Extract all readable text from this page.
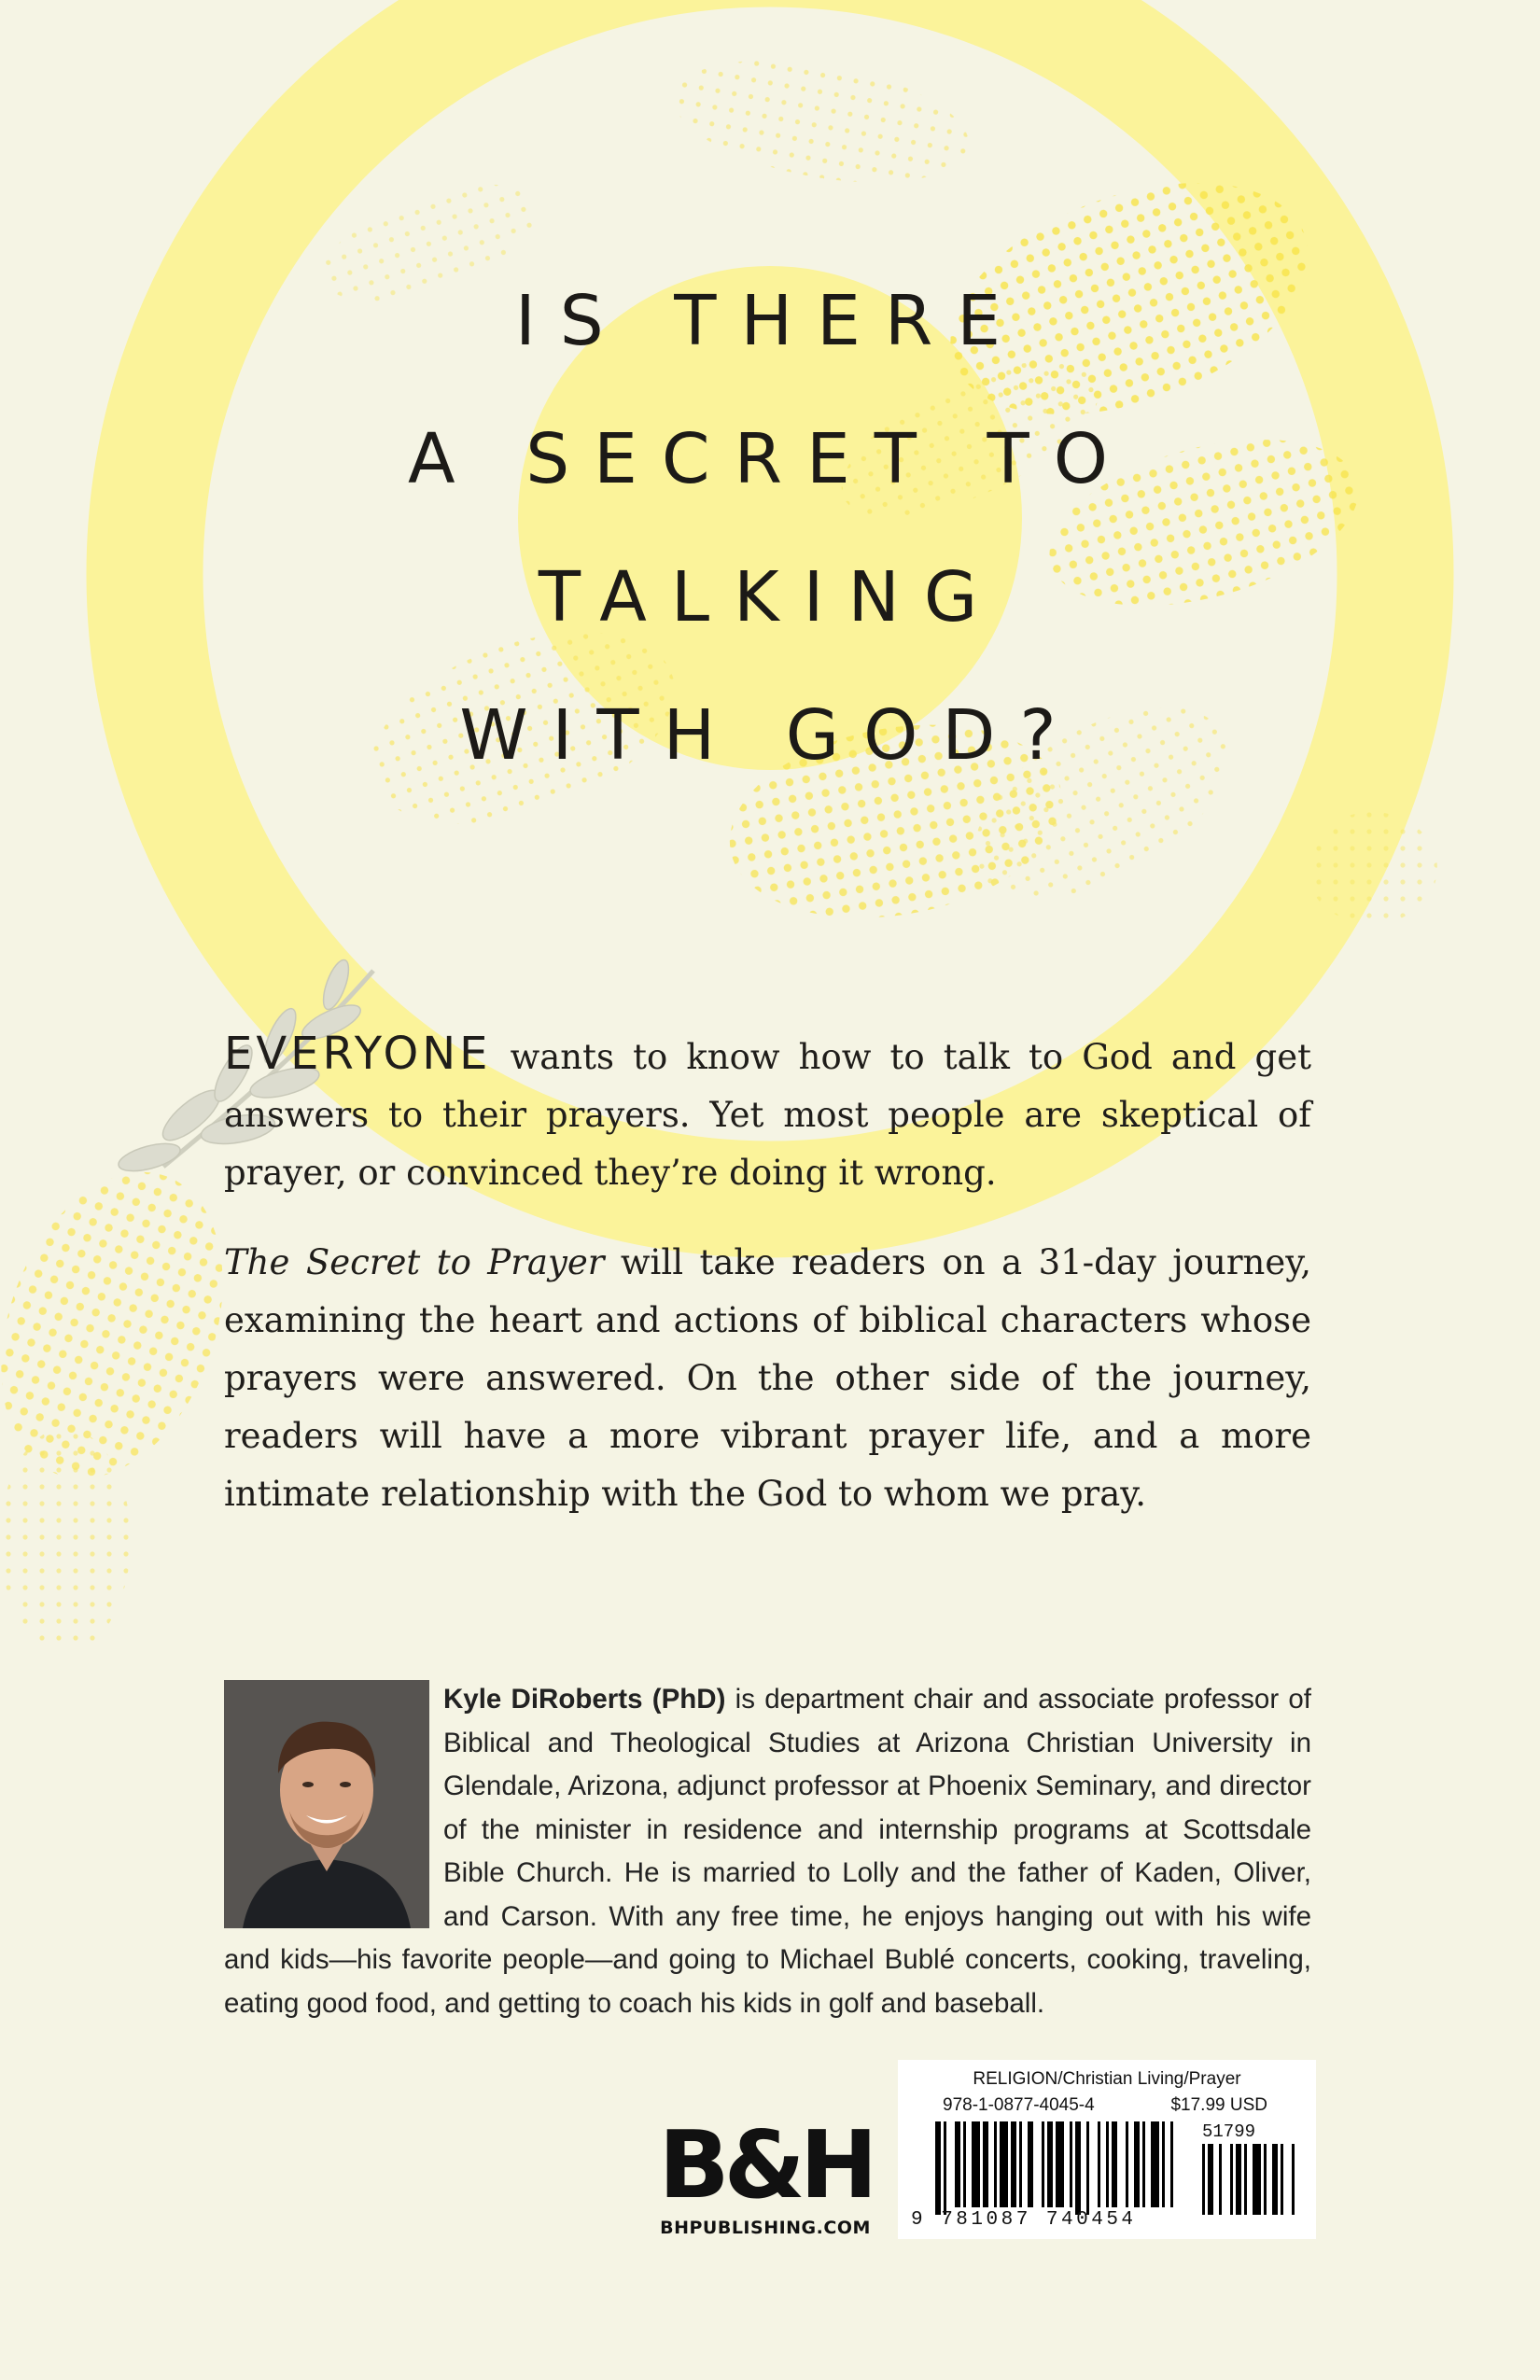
IS THERE
A SECRET TO
TALKING
WITH GOD?
EVERYONE wants to know how to talk to God and get answers to their prayers. Yet most people are skeptical of prayer, or convinced they’re doing it wrong.
The Secret to Prayer will take readers on a 31-day journey, examining the heart and actions of biblical characters whose prayers were answered. On the other side of the journey, readers will have a more vibrant prayer life, and a more intimate relationship with the God to whom we pray.

Kyle DiRoberts (PhD) is department chair and associate professor of Biblical and Theological Studies at Arizona Christian University in Glendale, Arizona, adjunct professor at Phoenix Seminary, and director of the minister in residence and internship programs at Scottsdale Bible Church. He is married to Lolly and the father of Kaden, Oliver, and Carson. With any free time, he enjoys hanging out with his wife and kids—his favorite people—and going to Michael Bublé concerts, cooking, traveling, eating good food, and getting to coach his kids in golf and baseball.

B&H
BHPUBLISHING.COM
RELIGION/Christian Living/Prayer
978-1-0877-4045-4	$17.99 USD
51799
9 781087 740454
